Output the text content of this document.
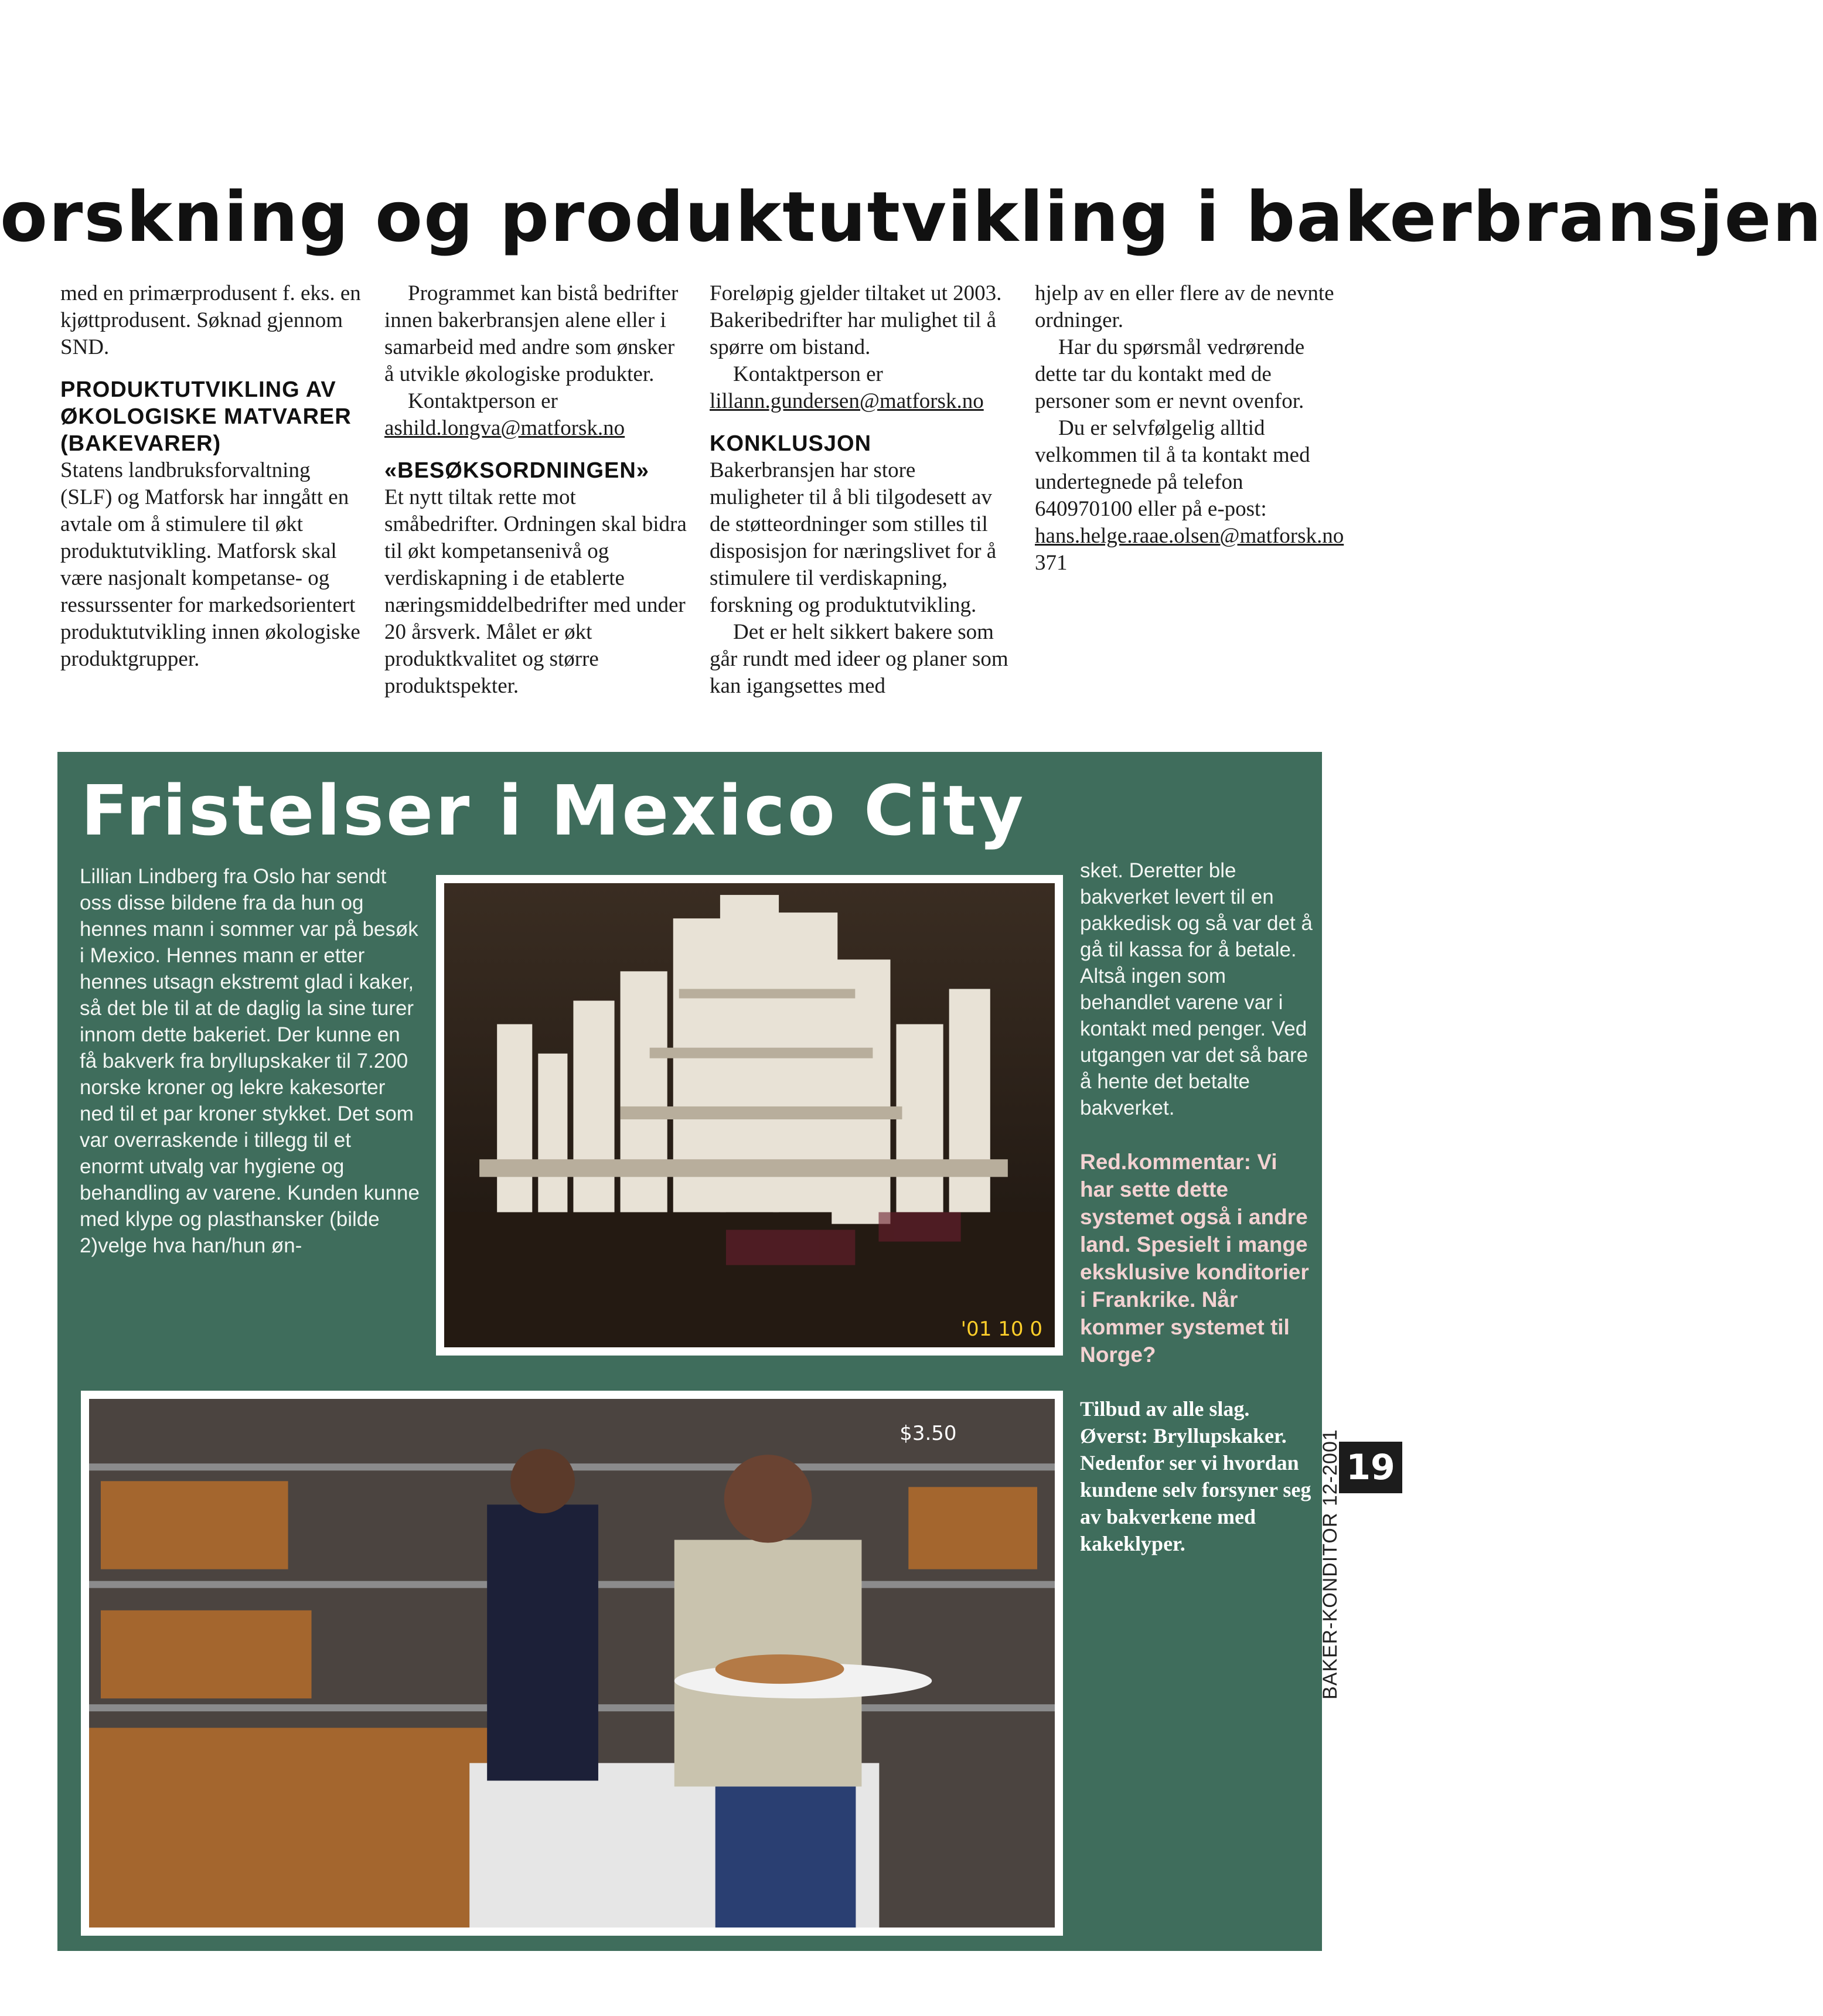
orskning og produktutvikling i bakerbransjen

med en primærprodusent f. eks. en kjøttprodusent. Søknad gjennom SND.

PRODUKTUTVIKLING AV ØKOLOGISKE MATVARER (BAKEVARER)

Statens landbruksforvaltning (SLF) og Matforsk har inngått en avtale om å stimulere til økt produktutvikling. Matforsk skal være nasjonalt kompetanse- og ressurssenter for markedsorientert produktutvikling innen økologiske produktgrupper.

Programmet kan bistå bedrifter innen bakerbransjen alene eller i samarbeid med andre som ønsker å utvikle økologiske produkter.

Kontaktperson er ashild.longva@matforsk.no

«BESØKSORDNINGEN»

Et nytt tiltak rette mot småbedrifter. Ordningen skal bidra til økt kompetansenivå og verdiskapning i de etablerte næringsmiddelbedrifter med under 20 årsverk. Målet er økt produktkvalitet og større produktspekter.

Foreløpig gjelder tiltaket ut 2003. Bakeribedrifter har mulighet til å spørre om bistand.

Kontaktperson er lillann.gundersen@matforsk.no

KONKLUSJON

Bakerbransjen har store muligheter til å bli tilgodesett av de støtteordninger som stilles til disposisjon for næringslivet for å stimulere til verdiskapning, forskning og produktutvikling.

Det er helt sikkert bakere som går rundt med ideer og planer som kan igangsettes med

hjelp av en eller flere av de nevnte ordninger.

Har du spørsmål vedrørende dette tar du kontakt med de personer som er nevnt ovenfor.

Du er selvfølgelig alltid velkommen til å ta kontakt med undertegnede på telefon 640970100 eller på e-post:

hans.helge.raae.olsen@matforsk.no 371

Fristelser i Mexico City

Lillian Lindberg fra Oslo har sendt oss disse bildene fra da hun og hennes mann i sommer var på besøk i Mexico. Hennes mann er etter hennes utsagn ekstremt glad i kaker, så det ble til at de daglig la sine turer innom dette bakeriet. Der kunne en få bakverk fra bryllupskaker til 7.200 norske kroner og lekre kakesorter ned til et par kroner stykket. Det som var overraskende i tillegg til et enormt utvalg var hygiene og behandling av varene. Kunden kunne med klype og plasthansker (bilde 2)velge hva han/hun øn-

'01 10 0
$3.50

sket. Deretter ble bakverket levert til en pakkedisk og så var det å gå til kassa for å betale. Altså ingen som behandlet varene var i kontakt med penger. Ved utgangen var det så bare å hente det betalte bakverket.

Red.kommentar: Vi har sette dette systemet også i andre land. Spesielt i mange eksklusive konditorier i Frankrike. Når kommer systemet til Norge?

Tilbud av alle slag. Øverst: Bryllupskaker. Nedenfor ser vi hvordan kundene selv forsyner seg av bakverkene med kakeklyper.

19
BAKER-KONDITOR 12-2001
